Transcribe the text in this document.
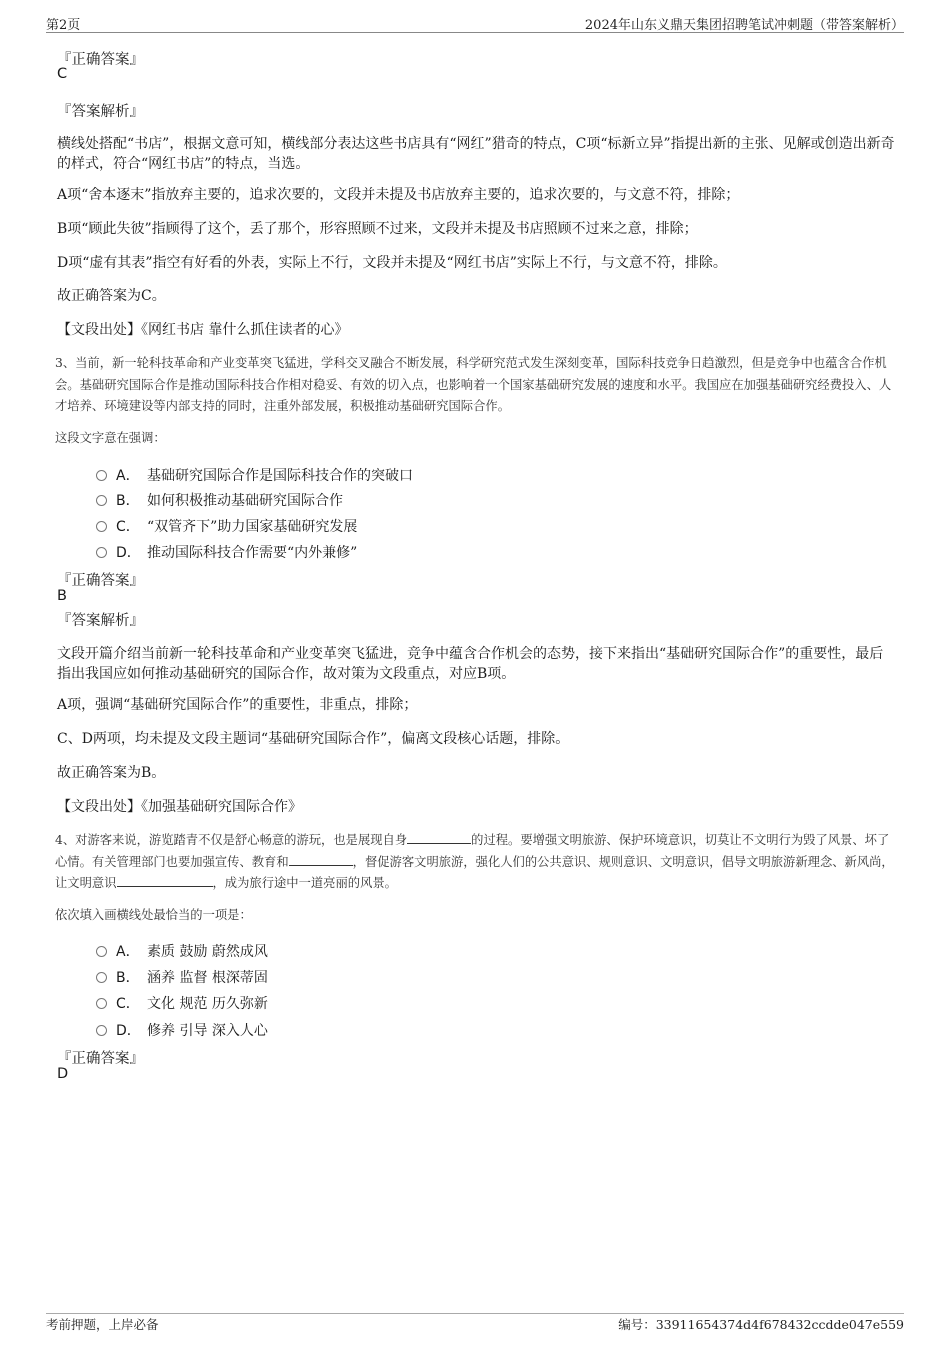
第2页	2024年山东义鼎天集团招聘笔试冲刺题（带答案解析）
『正确答案』
C
『答案解析』
横线处搭配“书店”，根据文意可知，横线部分表达这些书店具有“网红”猎奇的特点，C项“标新立异”指提出新的主张、见解或创造出新奇的样式，符合“网红书店”的特点，当选。
A项“舍本逐末”指放弃主要的，追求次要的，文段并未提及书店放弃主要的，追求次要的，与文意不符，排除；
B项“顾此失彼”指顾得了这个，丢了那个，形容照顾不过来，文段并未提及书店照顾不过来之意，排除；
D项“虚有其表”指空有好看的外表，实际上不行，文段并未提及“网红书店”实际上不行，与文意不符，排除。
故正确答案为C。
【文段出处】《网红书店 靠什么抓住读者的心》
3、当前，新一轮科技革命和产业变革突飞猛进，学科交叉融合不断发展，科学研究范式发生深刻变革，国际科技竞争日趋激烈，但是竞争中也蕴含合作机会。基础研究国际合作是推动国际科技合作相对稳妥、有效的切入点，也影响着一个国家基础研究发展的速度和水平。我国应在加强基础研究经费投入、人才培养、环境建设等内部支持的同时，注重外部发展，积极推动基础研究国际合作。
这段文字意在强调：
A． 基础研究国际合作是国际科技合作的突破口
B． 如何积极推动基础研究国际合作
C． “双管齐下”助力国家基础研究发展
D． 推动国际科技合作需要“内外兼修”
『正确答案』
B
『答案解析』
文段开篇介绍当前新一轮科技革命和产业变革突飞猛进，竞争中蕴含合作机会的态势，接下来指出“基础研究国际合作”的重要性，最后指出我国应如何推动基础研究的国际合作，故对策为文段重点，对应B项。
A项，强调“基础研究国际合作”的重要性，非重点，排除；
C、D两项，均未提及文段主题词“基础研究国际合作”，偏离文段核心话题，排除。
故正确答案为B。
【文段出处】《加强基础研究国际合作》
4、对游客来说，游览踏青不仅是舒心畅意的游玩，也是展现自身	的过程。要增强文明旅游、保护环境意识，切莫让不文明行为毁了风景、坏了心情。有关管理部门也要加强宣传、教育和	，督促游客文明旅游，强化人们的公共意识、规则意识、文明意识，倡导文明旅游新理念、新风尚，让文明意识	，成为旅行途中一道亮丽的风景。
依次填入画横线处最恰当的一项是：
A． 素质 鼓励 蔚然成风
B． 涵养 监督 根深蒂固
C． 文化 规范 历久弥新
D． 修养 引导 深入人心
『正确答案』
D
考前押题，上岸必备	编号：33911654374d4f678432ccdde047e559
